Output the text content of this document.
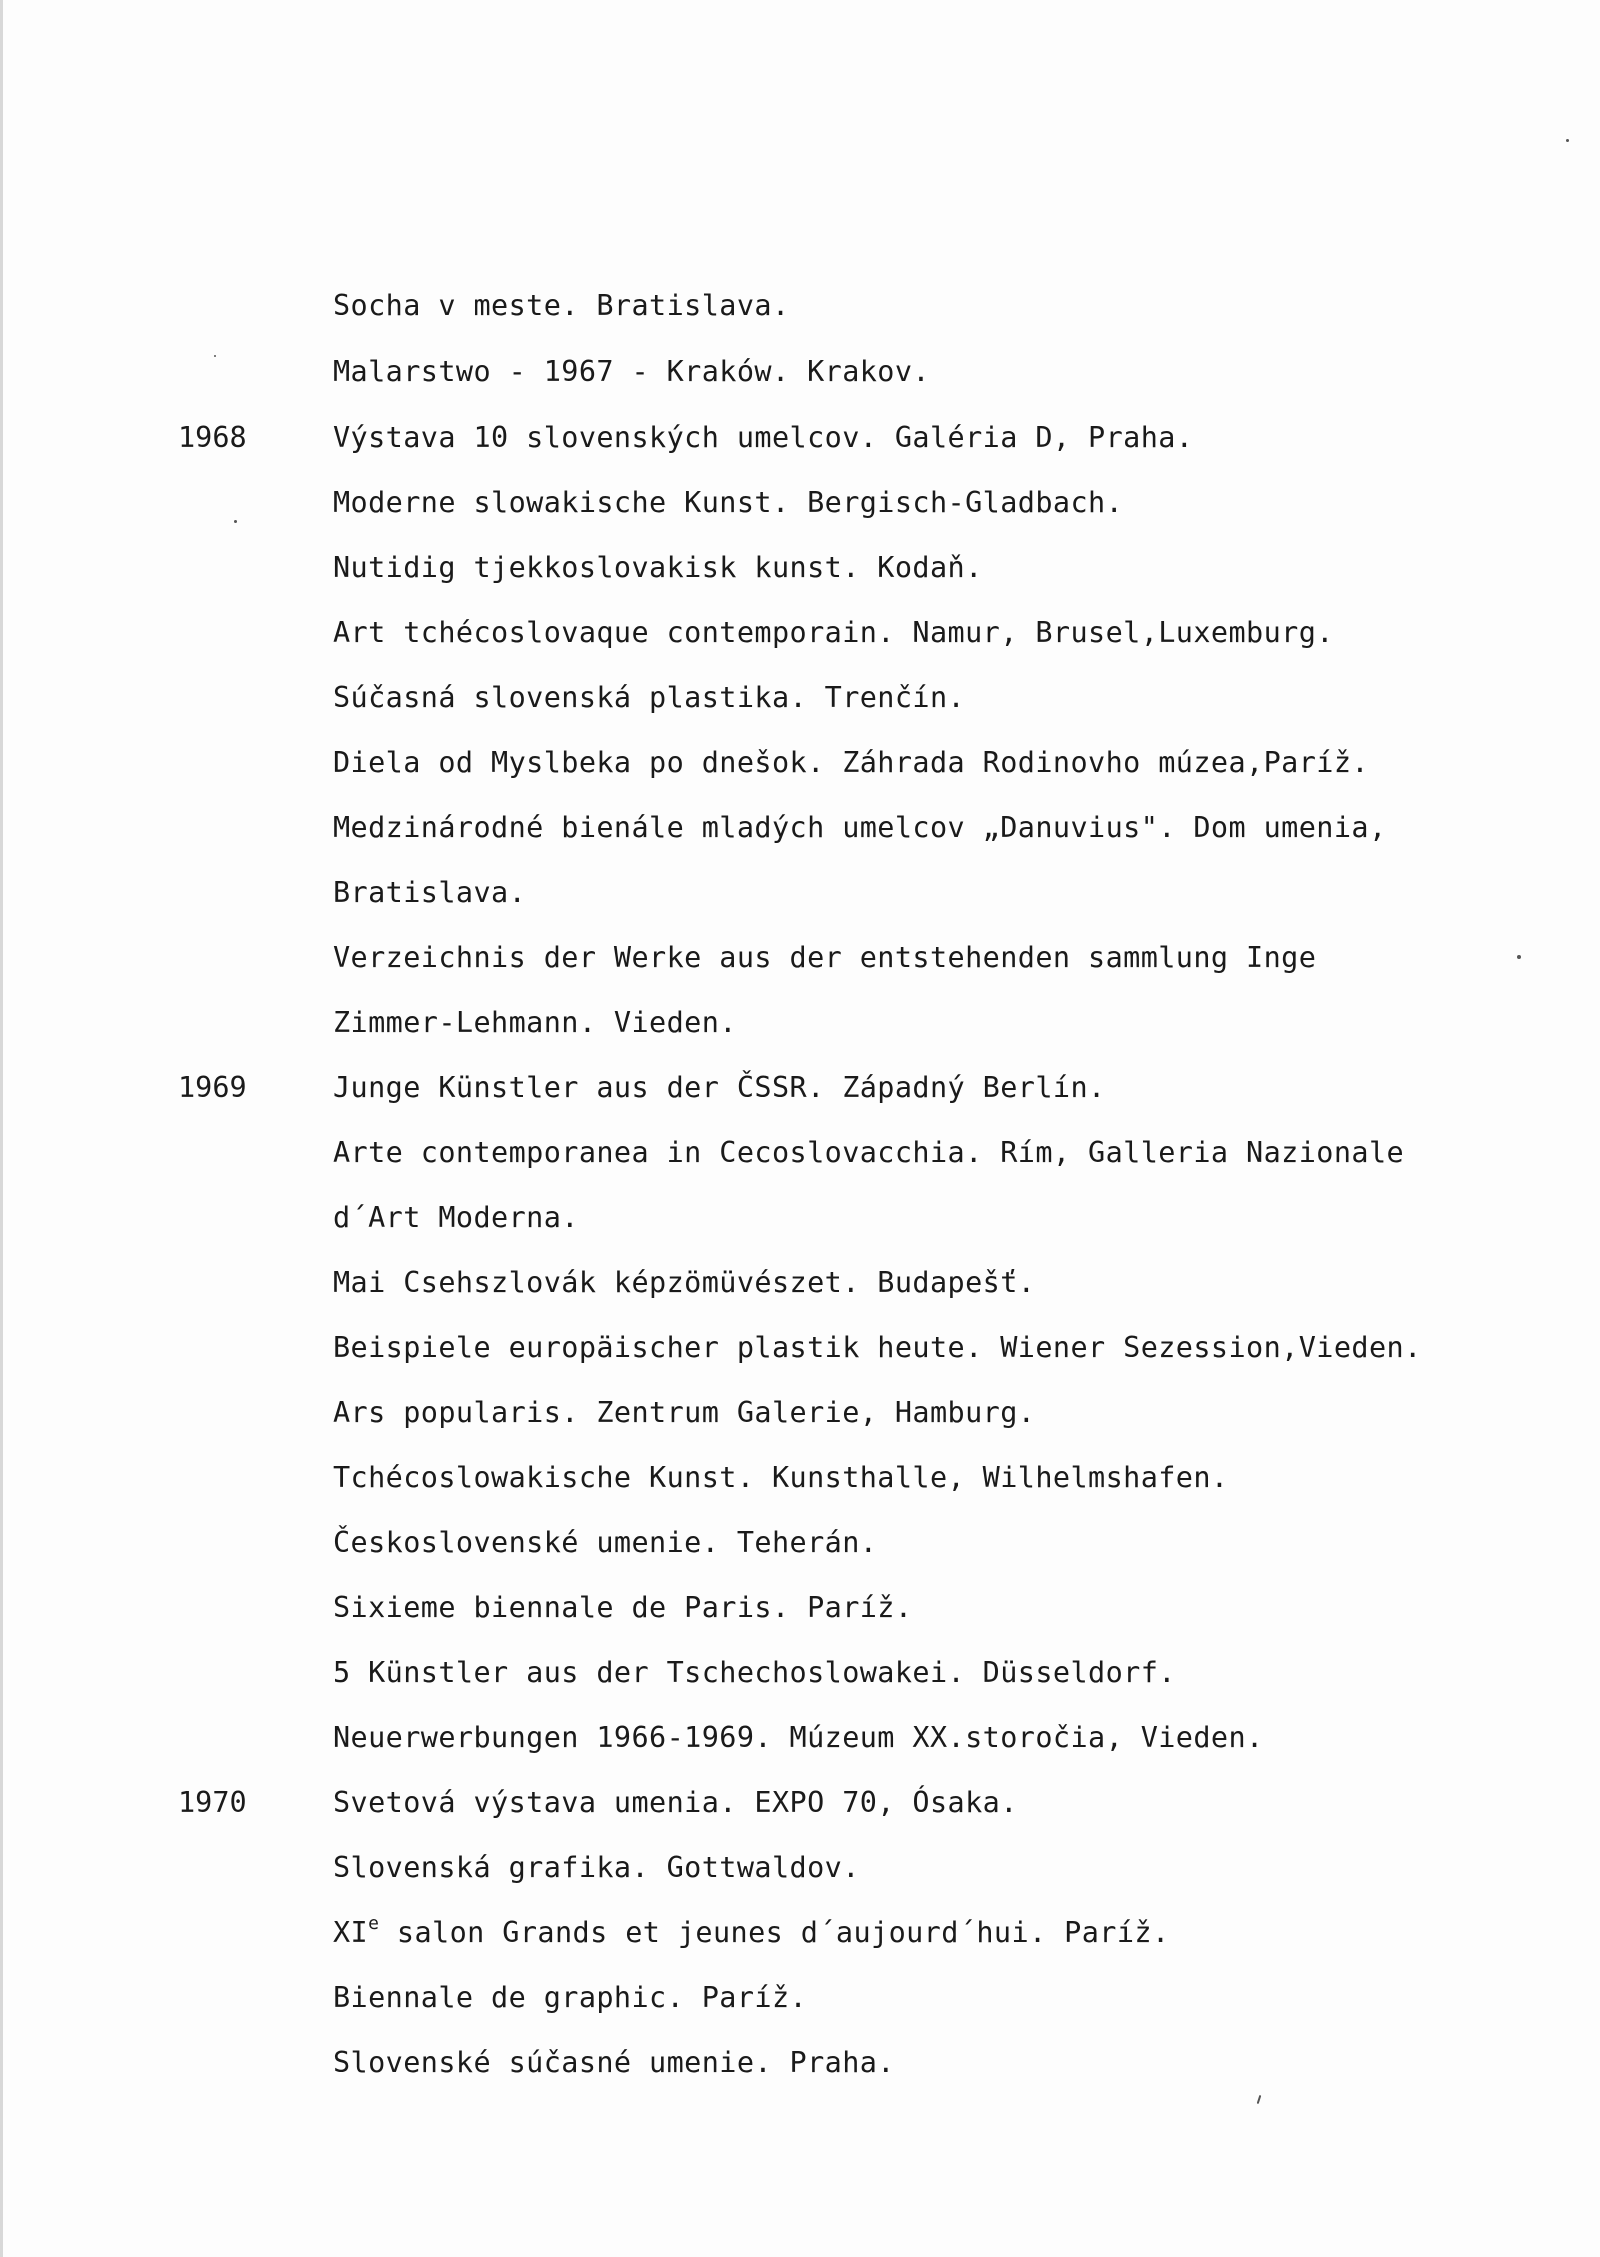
Socha v meste. Bratislava.
Malarstwo - 1967 - Kraków. Krakov.
1968	Výstava 10 slovenských umelcov. Galéria D, Praha.
Moderne slowakische Kunst. Bergisch-Gladbach.
Nutidig tjekkoslovakisk kunst. Kodaň.
Art tchécoslovaque contemporain. Namur, Brusel,Luxemburg.
Súčasná slovenská plastika. Trenčín.
Diela od Myslbeka po dnešok. Záhrada Rodinovho múzea,Paríž.
Medzinárodné bienále mladých umelcov „Danuvius". Dom umenia,
Bratislava.
Verzeichnis der Werke aus der entstehenden sammlung Inge
Zimmer-Lehmann. Vieden.
1969	Junge Künstler aus der ČSSR. Západný Berlín.
Arte contemporanea in Cecoslovacchia. Rím, Galleria Nazionale
d´Art Moderna.
Mai Csehszlovák képzömüvészet. Budapešť.
Beispiele europäischer plastik heute. Wiener Sezession,Vieden.
Ars popularis. Zentrum Galerie, Hamburg.
Tchécoslowakische Kunst. Kunsthalle, Wilhelmshafen.
Československé umenie. Teherán.
Sixieme biennale de Paris. Paríž.
5 Künstler aus der Tschechoslowakei. Düsseldorf.
Neuerwerbungen 1966-1969. Múzeum XX.storočia, Vieden.
1970	Svetová výstava umenia. EXPO 70, Ósaka.
Slovenská grafika. Gottwaldov.
XIe salon Grands et jeunes d´aujourd´hui. Paríž.
Biennale de graphic. Paríž.
Slovenské súčasné umenie. Praha.
